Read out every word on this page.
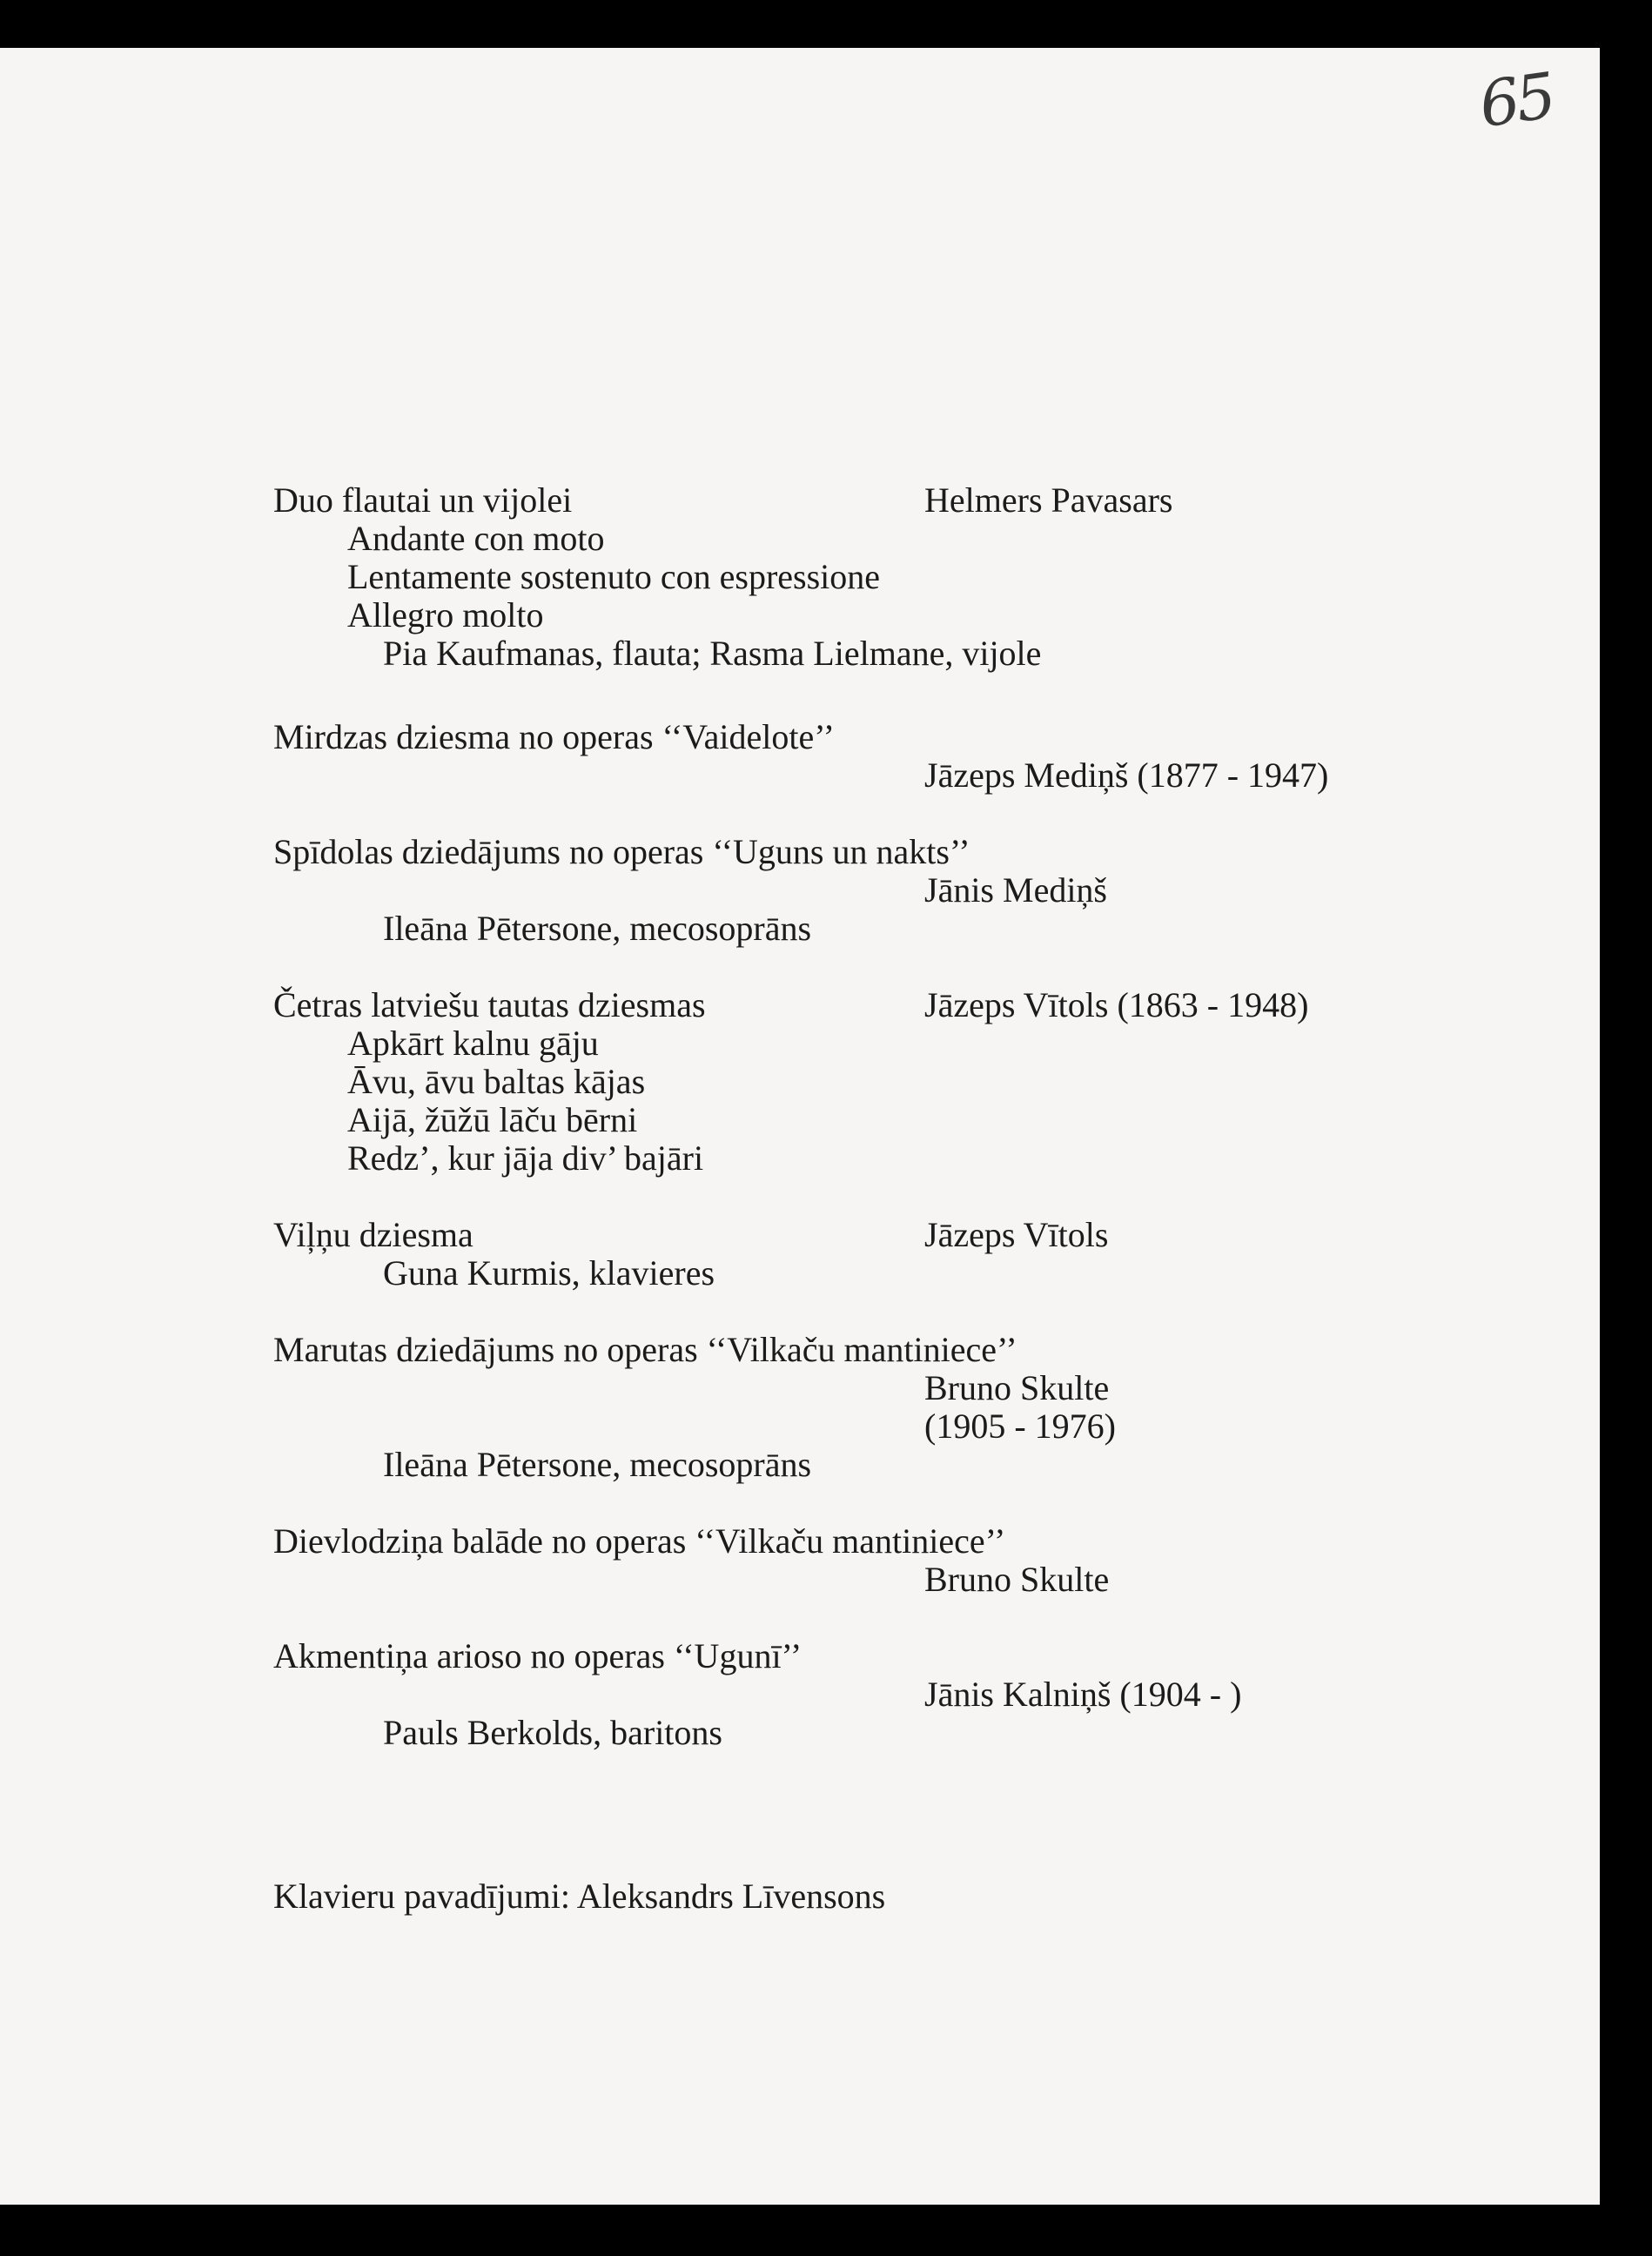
65
Duo flautai un vijolei	Helmers Pavasars
Andante con moto
Lentamente sostenuto con espressione
Allegro molto
Pia Kaufmanas, flauta; Rasma Lielmane, vijole
Mirdzas dziesma no operas ‘‘Vaidelote’’
Jāzeps Mediņš (1877 - 1947)
Spīdolas dziedājums no operas ‘‘Uguns un nakts’’
Jānis Mediņš
Ileāna Pētersone, mecosoprāns
Četras latviešu tautas dziesmas	Jāzeps Vītols (1863 - 1948)
Apkārt kalnu gāju
Āvu, āvu baltas kājas
Aijā, žūžū lāču bērni
Redz’, kur jāja div’ bajāri
Viļņu dziesma	Jāzeps Vītols
Guna Kurmis, klavieres
Marutas dziedājums no operas ‘‘Vilkaču mantiniece’’
Bruno Skulte
(1905 - 1976)
Ileāna Pētersone, mecosoprāns
Dievlodziņa balāde no operas ‘‘Vilkaču mantiniece’’
Bruno Skulte
Akmentiņa arioso no operas ‘‘Ugunī’’
Jānis Kalniņš (1904 - )
Pauls Berkolds, baritons
Klavieru pavadījumi: Aleksandrs Līvensons
